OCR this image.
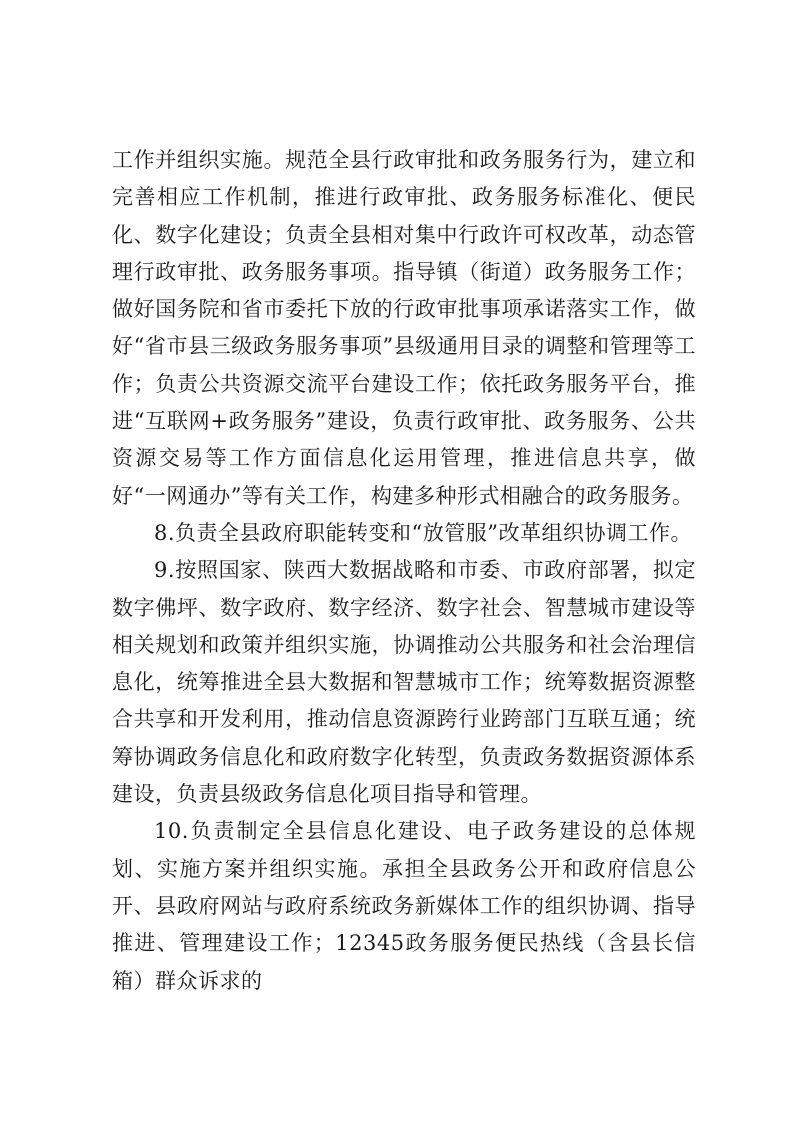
工作并组织实施。规范全县行政审批和政务服务行为，建立和完善相应工作机制，推进行政审批、政务服务标准化、便民化、数字化建设；负责全县相对集中行政许可权改革，动态管理行政审批、政务服务事项。指导镇（街道）政务服务工作；做好国务院和省市委托下放的行政审批事项承诺落实工作，做好“省市县三级政务服务事项”县级通用目录的调整和管理等工作；负责公共资源交流平台建设工作；依托政务服务平台，推进“互联网+政务服务”建设，负责行政审批、政务服务、公共资源交易等工作方面信息化运用管理，推进信息共享，做好“一网通办”等有关工作，构建多种形式相融合的政务服务。

8.负责全县政府职能转变和“放管服”改革组织协调工作。

9.按照国家、陕西大数据战略和市委、市政府部署，拟定数字佛坪、数字政府、数字经济、数字社会、智慧城市建设等相关规划和政策并组织实施，协调推动公共服务和社会治理信息化，统筹推进全县大数据和智慧城市工作；统筹数据资源整合共享和开发利用，推动信息资源跨行业跨部门互联互通；统筹协调政务信息化和政府数字化转型，负责政务数据资源体系建设，负责县级政务信息化项目指导和管理。

10.负责制定全县信息化建设、电子政务建设的总体规划、实施方案并组织实施。承担全县政务公开和政府信息公开、县政府网站与政府系统政务新媒体工作的组织协调、指导推进、管理建设工作；12345政务服务便民热线（含县长信箱）群众诉求的
